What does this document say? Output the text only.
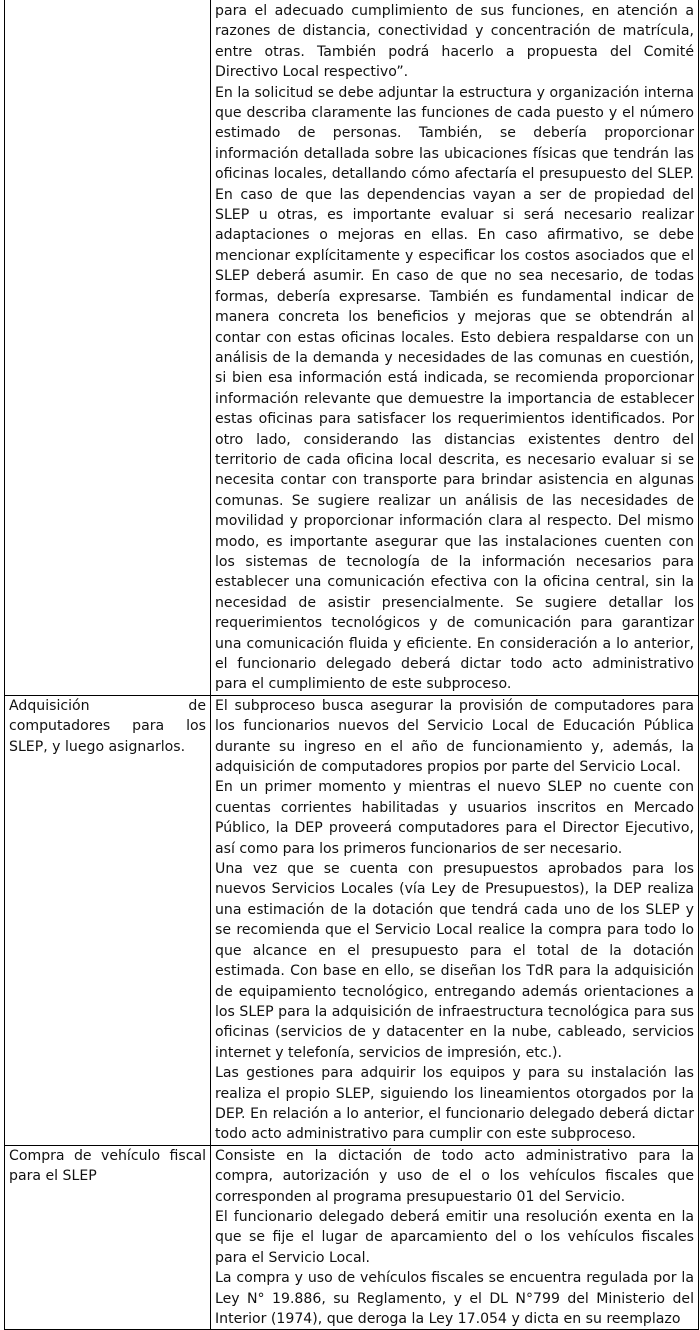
	para el adecuado cumplimiento de sus funciones, en atención a razones de distancia, conectividad y concentración de matrícula, entre otras. También podrá hacerlo a propuesta del Comité Directivo Local respectivo”.

En la solicitud se debe adjuntar la estructura y organización interna que describa claramente las funciones de cada puesto y el número estimado de personas. También, se debería proporcionar información detallada sobre las ubicaciones físicas que tendrán las oficinas locales, detallando cómo afectaría el presupuesto del SLEP. En caso de que las dependencias vayan a ser de propiedad del SLEP u otras, es importante evaluar si será necesario realizar adaptaciones o mejoras en ellas. En caso afirmativo, se debe mencionar explícitamente y especificar los costos asociados que el SLEP deberá asumir. En caso de que no sea necesario, de todas formas, debería expresarse. También es fundamental indicar de manera concreta los beneficios y mejoras que se obtendrán al contar con estas oficinas locales. Esto debiera respaldarse con un análisis de la demanda y necesidades de las comunas en cuestión, si bien esa información está indicada, se recomienda proporcionar información relevante que demuestre la importancia de establecer estas oficinas para satisfacer los requerimientos identificados. Por otro lado, considerando las distancias existentes dentro del territorio de cada oficina local descrita, es necesario evaluar si se necesita contar con transporte para brindar asistencia en algunas comunas. Se sugiere realizar un análisis de las necesidades de movilidad y proporcionar información clara al respecto. Del mismo modo, es importante asegurar que las instalaciones cuenten con los sistemas de tecnología de la información necesarios para establecer una comunicación efectiva con la oficina central, sin la necesidad de asistir presencialmente. Se sugiere detallar los requerimientos tecnológicos y de comunicación para garantizar una comunicación fluida y eficiente. En consideración a lo anterior, el funcionario delegado deberá dictar todo acto administrativo para el cumplimiento de este subproceso.

Adquisición de computadores para los SLEP, y luego asignarlos.	El subproceso busca asegurar la provisión de computadores para los funcionarios nuevos del Servicio Local de Educación Pública durante su ingreso en el año de funcionamiento y, además, la adquisición de computadores propios por parte del Servicio Local.

En un primer momento y mientras el nuevo SLEP no cuente con cuentas corrientes habilitadas y usuarios inscritos en Mercado Público, la DEP proveerá computadores para el Director Ejecutivo, así como para los primeros funcionarios de ser necesario.

Una vez que se cuenta con presupuestos aprobados para los nuevos Servicios Locales (vía Ley de Presupuestos), la DEP realiza una estimación de la dotación que tendrá cada uno de los SLEP y se recomienda que el Servicio Local realice la compra para todo lo que alcance en el presupuesto para el total de la dotación estimada. Con base en ello, se diseñan los TdR para la adquisición de equipamiento tecnológico, entregando además orientaciones a los SLEP para la adquisición de infraestructura tecnológica para sus oficinas (servicios de y datacenter en la nube, cableado, servicios internet y telefonía, servicios de impresión, etc.).

Las gestiones para adquirir los equipos y para su instalación las realiza el propio SLEP, siguiendo los lineamientos otorgados por la DEP. En relación a lo anterior, el funcionario delegado deberá dictar todo acto administrativo para cumplir con este subproceso.

Compra de vehículo fiscal para el SLEP	Consiste en la dictación de todo acto administrativo para la compra, autorización y uso de el o los vehículos fiscales que corresponden al programa presupuestario 01 del Servicio.

El funcionario delegado deberá emitir una resolución exenta en la que se fije el lugar de aparcamiento del o los vehículos fiscales para el Servicio Local.

La compra y uso de vehículos fiscales se encuentra regulada por la Ley N° 19.886, su Reglamento, y el DL N°799 del Ministerio del Interior (1974), que deroga la Ley 17.054 y dicta en su reemplazo
